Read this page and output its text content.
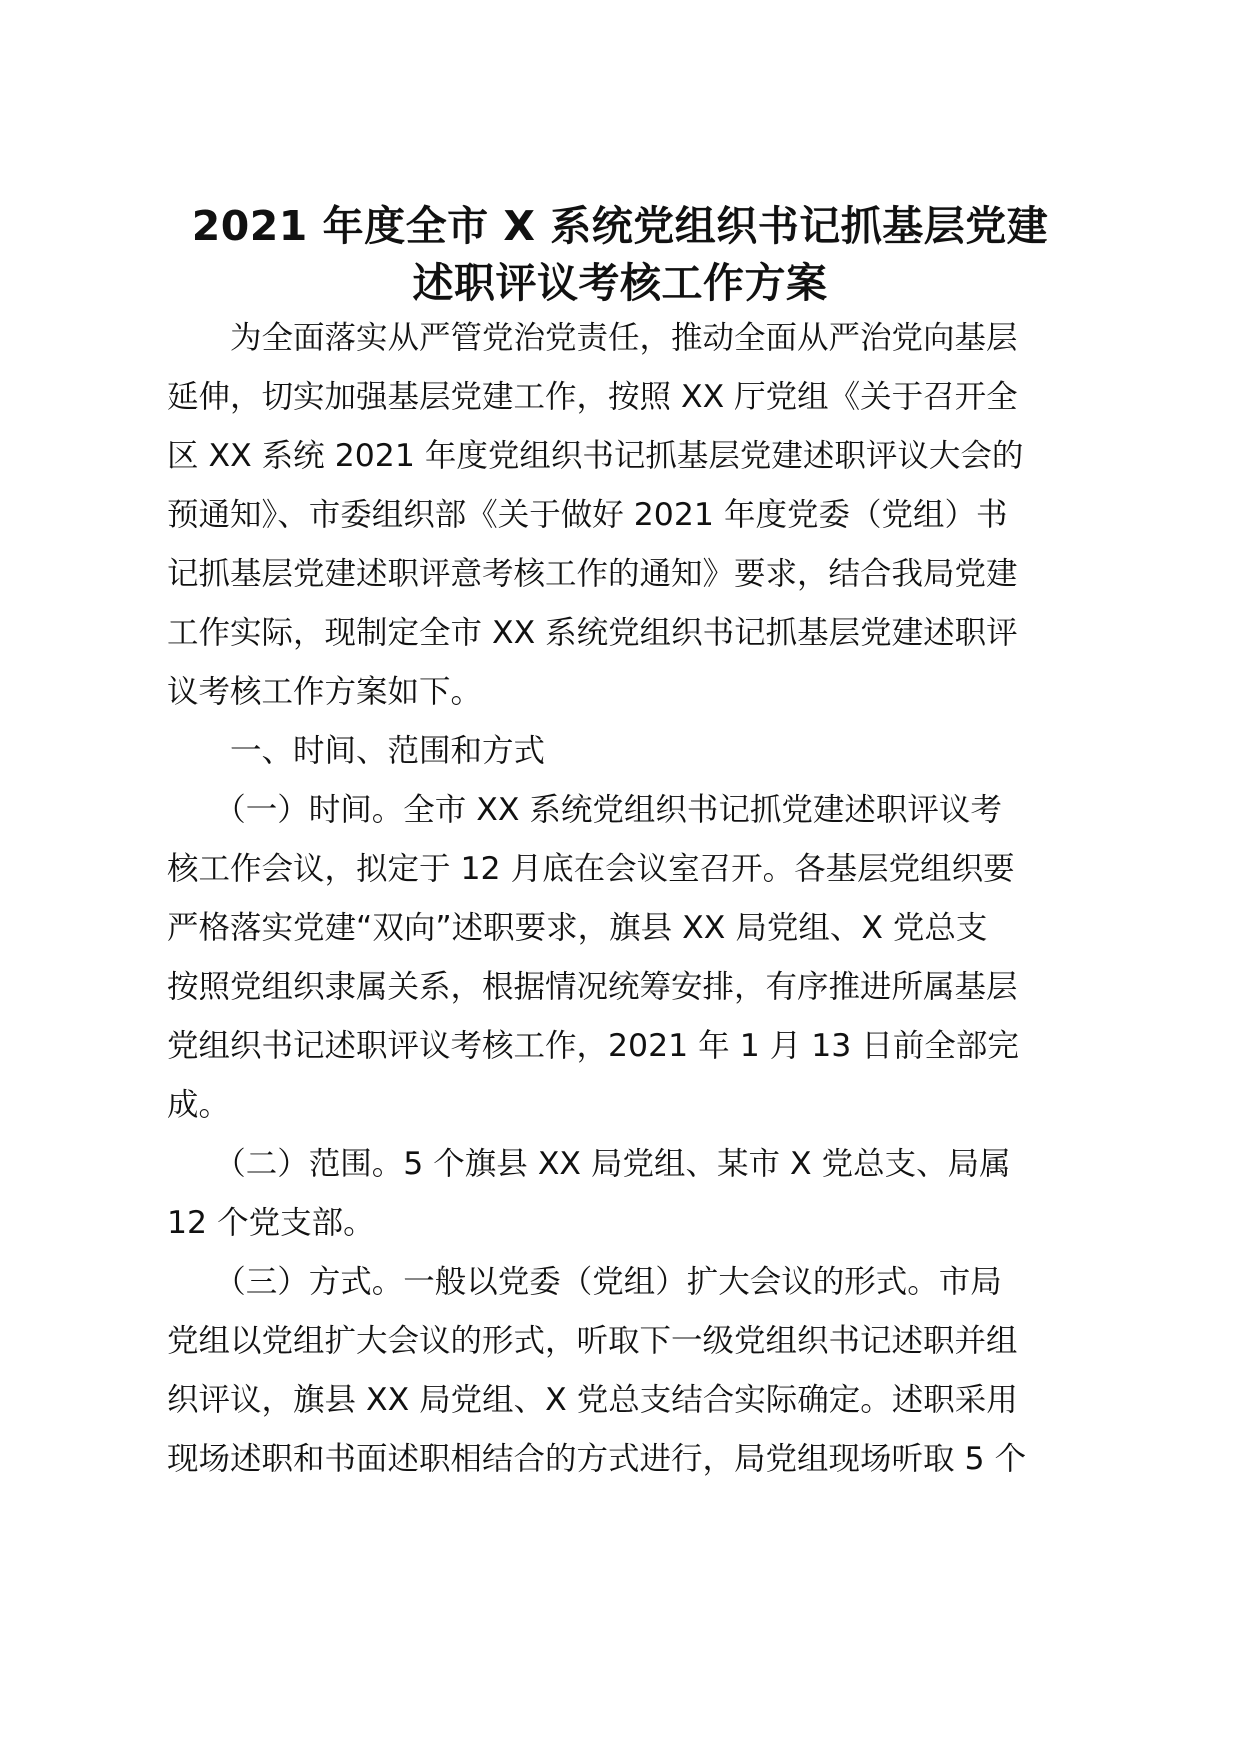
2021 年度全市 X 系统党组织书记抓基层党建
述职评议考核工作方案
　　为全面落实从严管党治党责任，推动全面从严治党向基层
延伸，切实加强基层党建工作，按照 XX 厅党组《关于召开全
区 XX 系统 2021 年度党组织书记抓基层党建述职评议大会的
预通知》、市委组织部《关于做好 2021 年度党委（党组）书
记抓基层党建述职评意考核工作的通知》要求，结合我局党建
工作实际，现制定全市 XX 系统党组织书记抓基层党建述职评
议考核工作方案如下。
　　一、时间、范围和方式
　　（一）时间。全市 XX 系统党组织书记抓党建述职评议考
核工作会议，拟定于 12 月底在会议室召开。各基层党组织要
严格落实党建“双向”述职要求，旗县 XX 局党组、X 党总支
按照党组织隶属关系，根据情况统筹安排，有序推进所属基层
党组织书记述职评议考核工作，2021 年 1 月 13 日前全部完
成。
　　（二）范围。5 个旗县 XX 局党组、某市 X 党总支、局属
12 个党支部。
　　（三）方式。一般以党委（党组）扩大会议的形式。市局
党组以党组扩大会议的形式，听取下一级党组织书记述职并组
织评议，旗县 XX 局党组、X 党总支结合实际确定。述职采用
现场述职和书面述职相结合的方式进行，局党组现场听取 5 个
